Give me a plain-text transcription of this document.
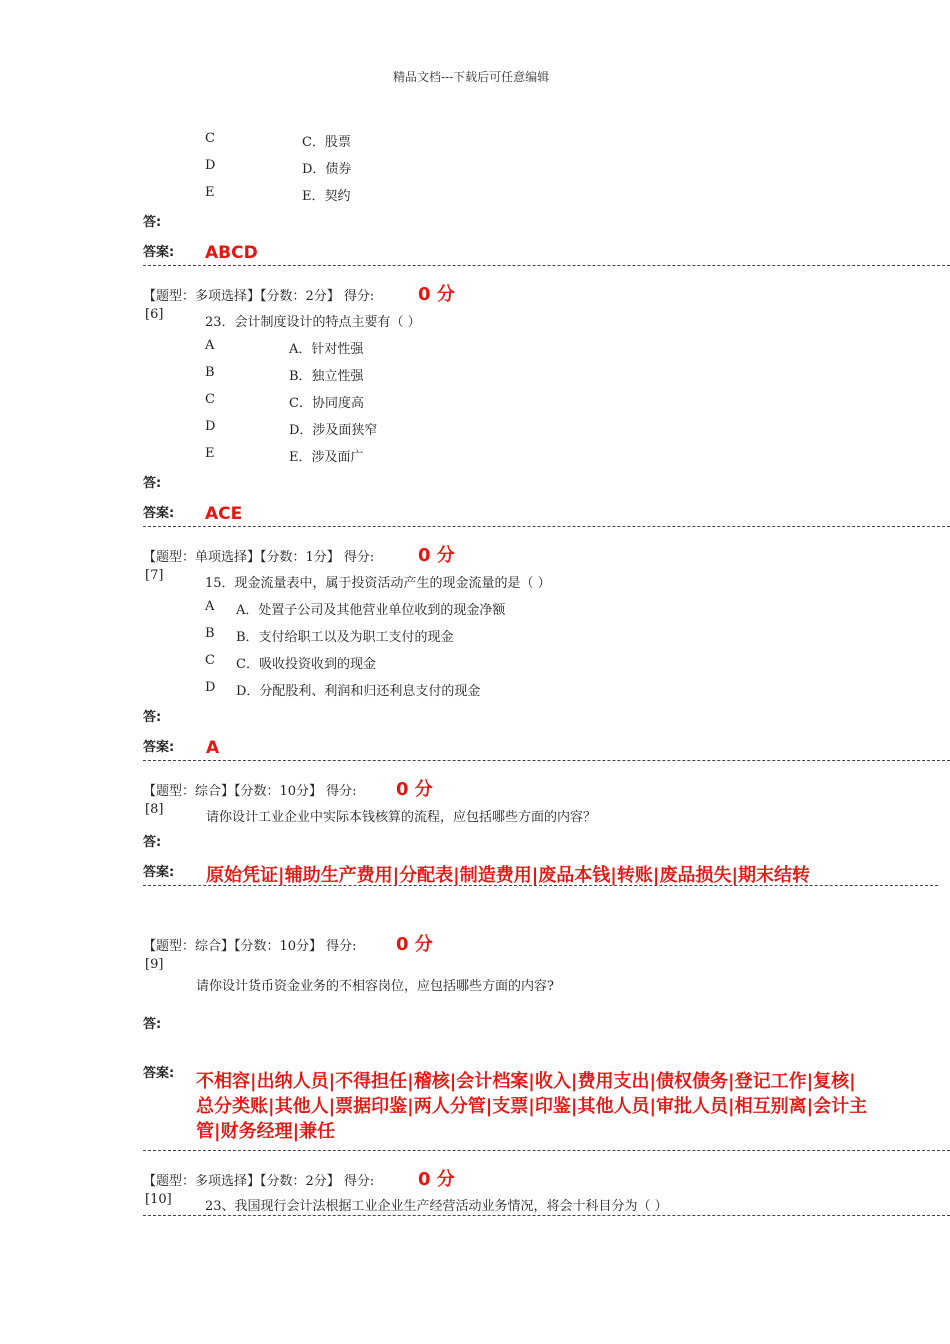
精品文档---下载后可任意编辑
C	C．股票
D	D．债券
E	E．契约
答:
答案: ABCD
【题型：多项选择】【分数：2分】 得分: 0 分
[6]
23．会计制度设计的特点主要有（ ）
A	A．针对性强
B	B．独立性强
C	C．协同度高
D	D．涉及面狭窄
E	E．涉及面广
答:
答案: ACE
【题型：单项选择】【分数：1分】 得分: 0 分
[7]
15．现金流量表中，属于投资活动产生的现金流量的是（ ）
A A．处置子公司及其他营业单位收到的现金净额
B B．支付给职工以及为职工支付的现金
C C．吸收投资收到的现金
D D．分配股利、利润和归还利息支付的现金
答:
答案: A
【题型：综合】【分数：10分】 得分: 0 分
[8]
请你设计工业企业中实际本钱核算的流程，应包括哪些方面的内容？
答:
答案: 原始凭证|辅助生产费用|分配表|制造费用|废品本钱|转账|废品损失|期末结转
【题型：综合】【分数：10分】 得分: 0 分
[9]
请你设计货币资金业务的不相容岗位，应包括哪些方面的内容?
答:
答案: 不相容|出纳人员|不得担任|稽核|会计档案|收入|费用支出|债权债务|登记工作|复核|
总分类账|其他人|票据印鉴|两人分管|支票|印鉴|其他人员|审批人员|相互别离|会计主
管|财务经理|兼任
【题型：多项选择】【分数：2分】 得分: 0 分
[10]	23、我国现行会计法根据工业企业生产经营活动业务情况，将会十科目分为（ ）
